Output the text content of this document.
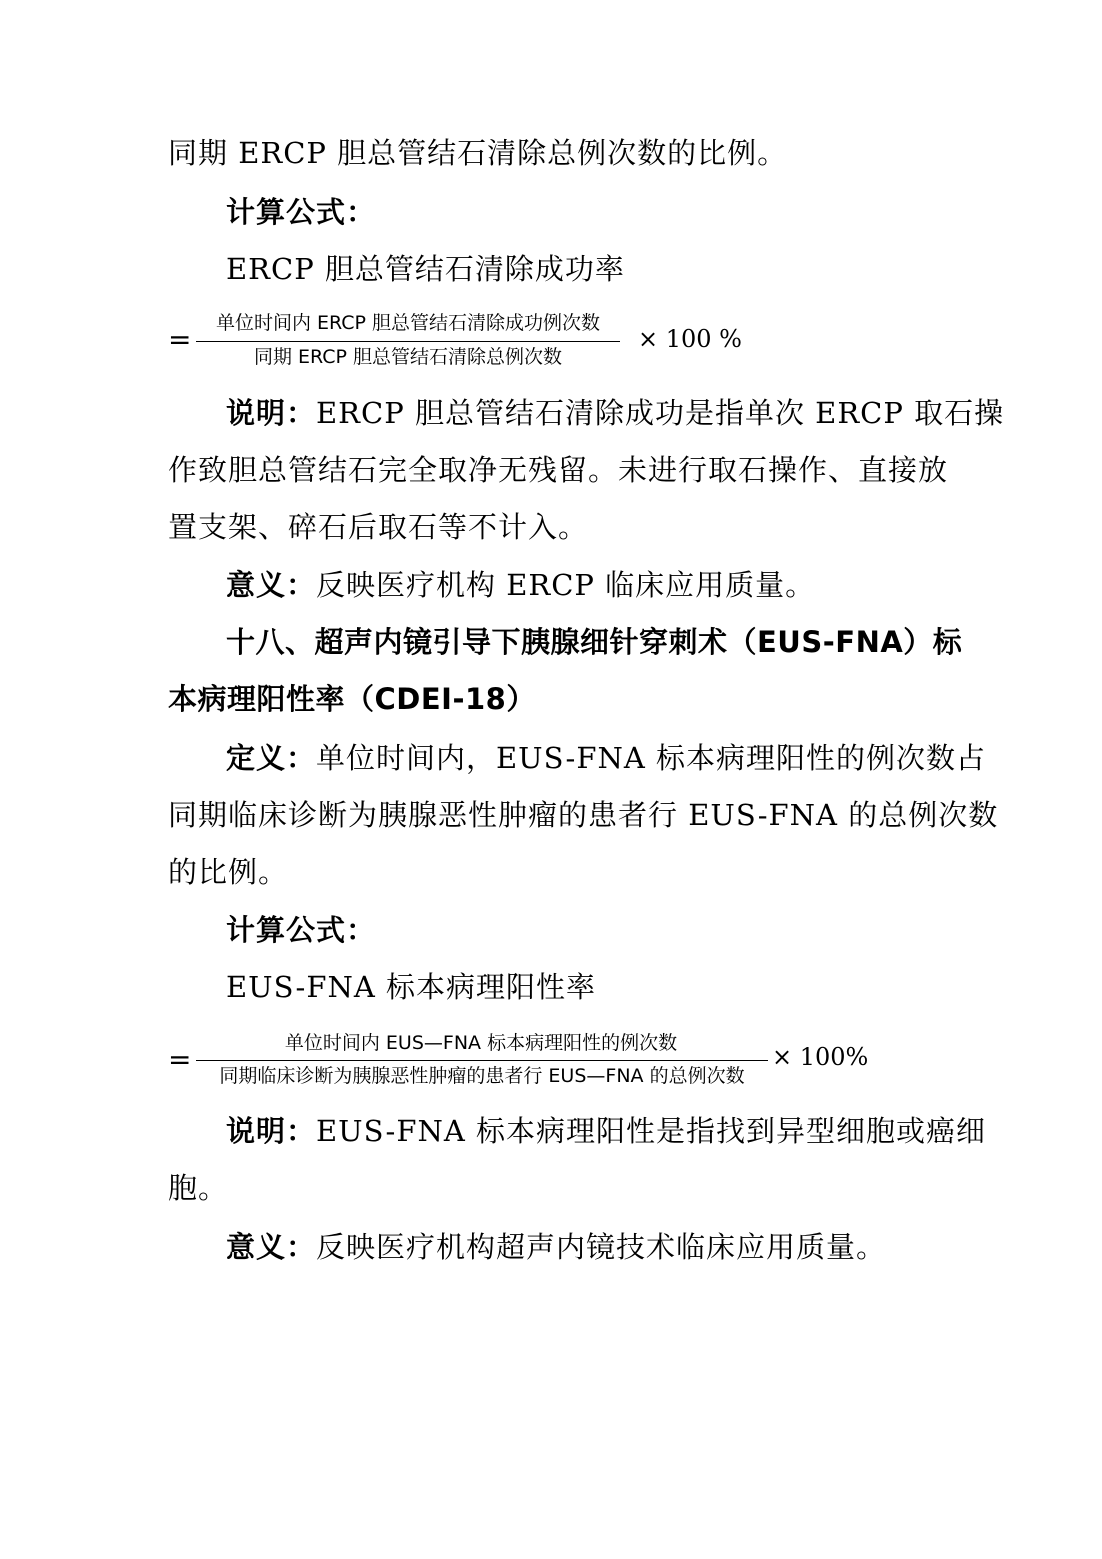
同期 ERCP 胆总管结石清除总例次数的比例。
计算公式：
ERCP 胆总管结石清除成功率
=	单位时间内 ERCP 胆总管结石清除成功例次数
同期 ERCP 胆总管结石清除总例次数
× 100 %
说明：ERCP 胆总管结石清除成功是指单次 ERCP 取石操
作致胆总管结石完全取净无残留。未进行取石操作、直接放
置支架、碎石后取石等不计入。
意义：反映医疗机构 ERCP 临床应用质量。
十八、超声内镜引导下胰腺细针穿刺术（EUS-FNA）标
本病理阳性率（CDEI-18）
定义：单位时间内，EUS-FNA 标本病理阳性的例次数占
同期临床诊断为胰腺恶性肿瘤的患者行 EUS-FNA 的总例次数
的比例。
计算公式：
EUS-FNA 标本病理阳性率
=	单位时间内 EUS—FNA 标本病理阳性的例次数
同期临床诊断为胰腺恶性肿瘤的患者行 EUS—FNA 的总例次数
× 100%
说明：EUS-FNA 标本病理阳性是指找到异型细胞或癌细
胞。
意义：反映医疗机构超声内镜技术临床应用质量。
